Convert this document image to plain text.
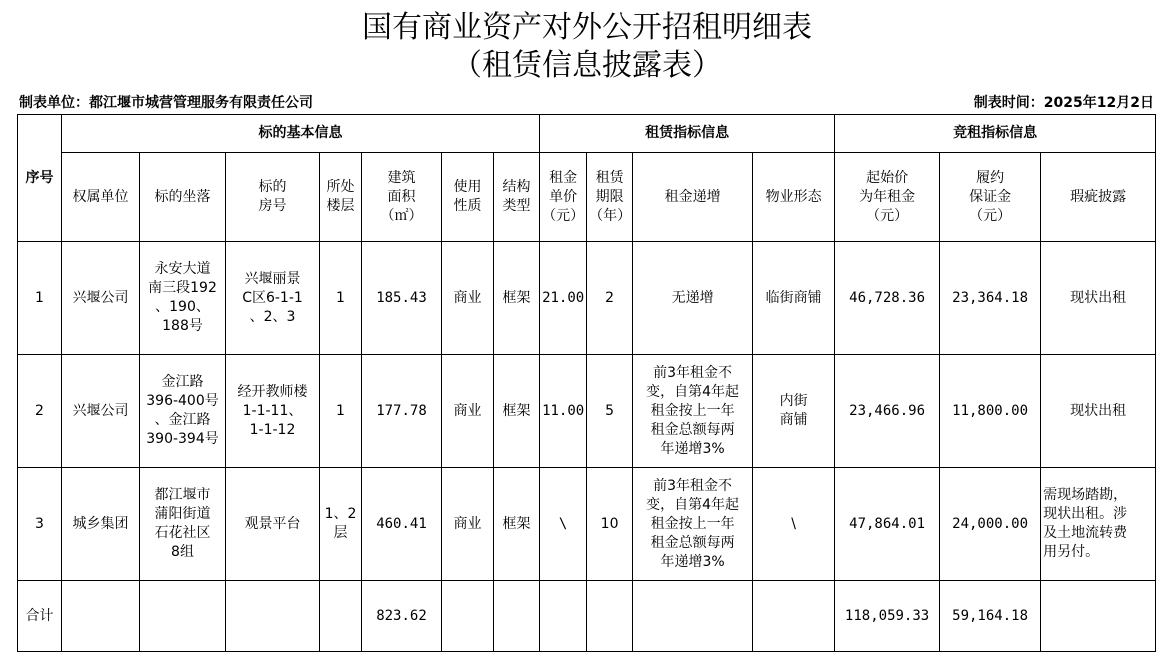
国有商业资产对外公开招租明细表
（租赁信息披露表）
制表单位：都江堰市城营管理服务有限责任公司	制表时间：2025年12月2日
序号	标的基本信息							租赁指标信息				竞租指标信息		
	权属单位	标的坐落	标的
房号	所处
楼层	建筑
面积
（㎡）	使用
性质	结构
类型	租金
单价
（元）	租赁
期限
（年）	租金递增	物业形态	起始价
为年租金
（元）	履约
保证金
（元）	瑕疵披露
1	兴堰公司	永安大道
南三段192
、190、
188号	兴堰丽景
C区6-1-1
、2、3	1	185.43	商业	框架	21.00	2	无递增	临街商铺	46,728.36	23,364.18	现状出租
2	兴堰公司	金江路
396-400号
、金江路
390-394号	经开教师楼
1-1-11、
1-1-12	1	177.78	商业	框架	11.00	5	前3年租金不
变，自第4年起
租金按上一年
租金总额每两
年递增3%	内街
商铺	23,466.96	11,800.00	现状出租
3	城乡集团	都江堰市
蒲阳街道
石花社区
8组	观景平台	1、2
层	460.41	商业	框架	\	10	前3年租金不
变，自第4年起
租金按上一年
租金总额每两
年递增3%	\	47,864.01	24,000.00	需现场踏勘，
现状出租。涉
及土地流转费
用另付。
合计					823.62							118,059.33	59,164.18	
